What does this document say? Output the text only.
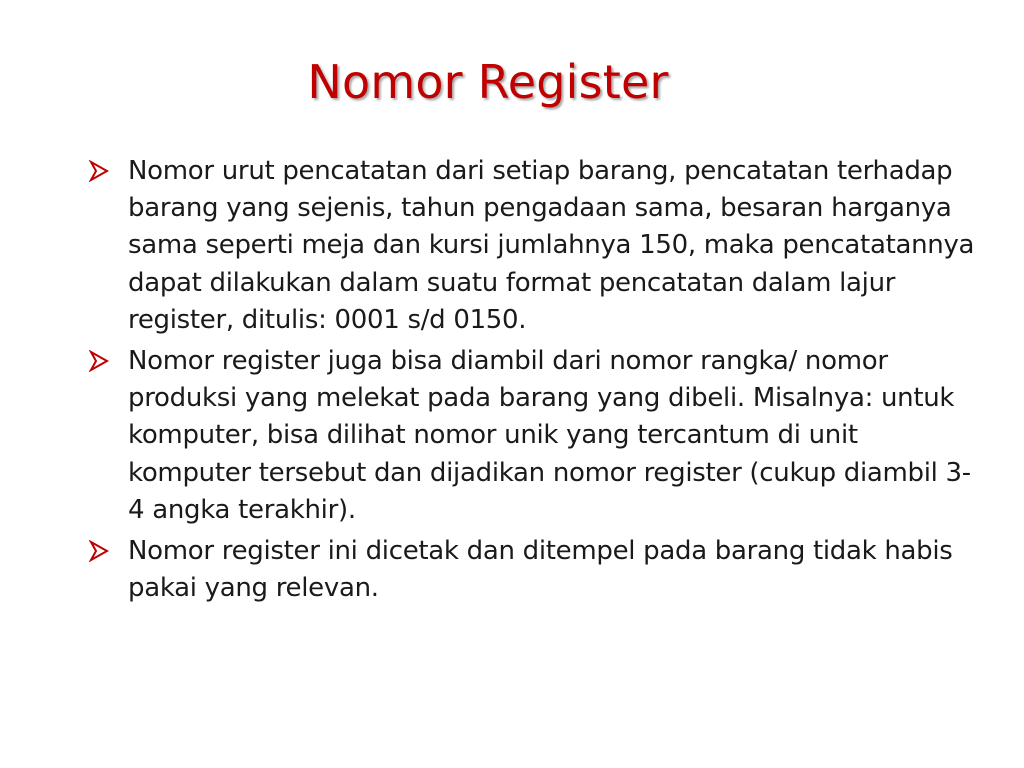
Nomor Register
Nomor urut pencatatan dari setiap barang, pencatatan terhadap barang yang sejenis, tahun pengadaan sama, besaran harganya sama seperti meja dan kursi jumlahnya 150, maka pencatatannya dapat dilakukan dalam suatu format pencatatan dalam lajur register, ditulis: 0001 s/d 0150.
Nomor register juga bisa diambil dari nomor rangka/ nomor produksi yang melekat pada barang yang dibeli. Misalnya: untuk komputer, bisa dilihat nomor unik yang tercantum di unit komputer tersebut dan dijadikan nomor register (cukup diambil 3-4 angka terakhir).
Nomor register ini dicetak dan ditempel pada barang tidak habis pakai yang relevan.
